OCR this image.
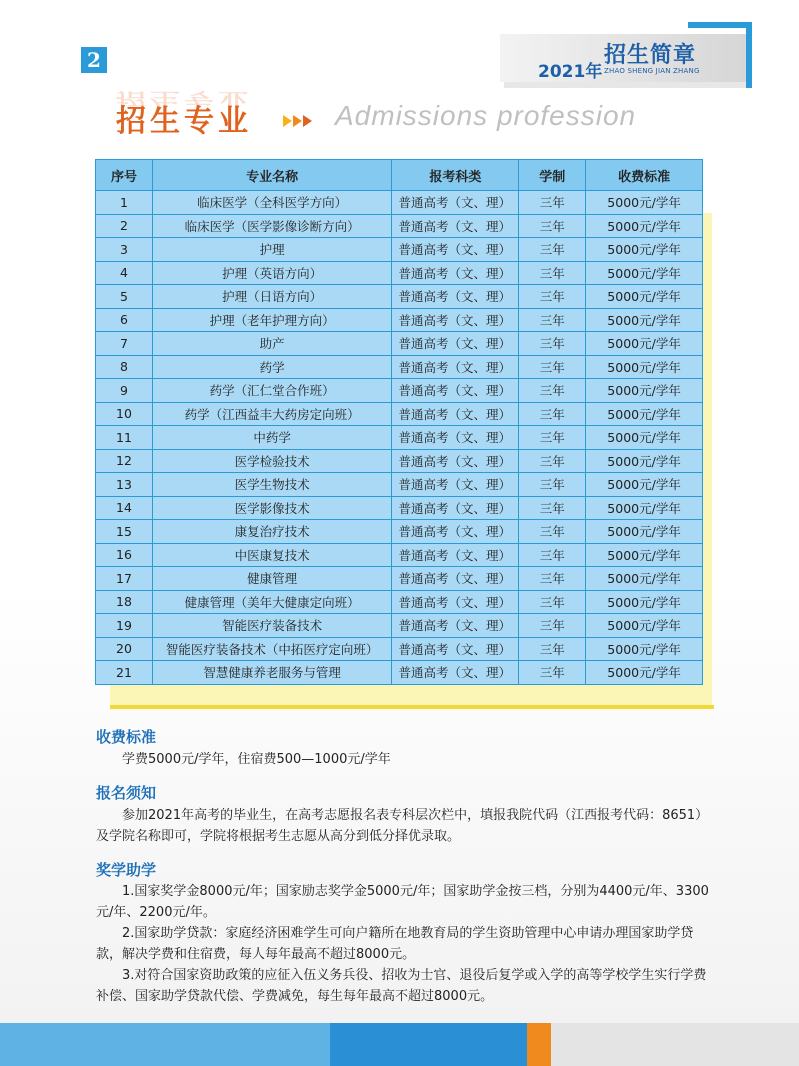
2	2021年
招生简章
ZHAO SHENG JIAN ZHANG
招生专业
招生专业	Admissions profession
序号	专业名称	报考科类	学制	收费标准
1	临床医学（全科医学方向）	普通高考（文、理）	三年	5000元/学年
2	临床医学（医学影像诊断方向）	普通高考（文、理）	三年	5000元/学年
3	护理	普通高考（文、理）	三年	5000元/学年
4	护理（英语方向）	普通高考（文、理）	三年	5000元/学年
5	护理（日语方向）	普通高考（文、理）	三年	5000元/学年
6	护理（老年护理方向）	普通高考（文、理）	三年	5000元/学年
7	助产	普通高考（文、理）	三年	5000元/学年
8	药学	普通高考（文、理）	三年	5000元/学年
9	药学（汇仁堂合作班）	普通高考（文、理）	三年	5000元/学年
10	药学（江西益丰大药房定向班）	普通高考（文、理）	三年	5000元/学年
11	中药学	普通高考（文、理）	三年	5000元/学年
12	医学检验技术	普通高考（文、理）	三年	5000元/学年
13	医学生物技术	普通高考（文、理）	三年	5000元/学年
14	医学影像技术	普通高考（文、理）	三年	5000元/学年
15	康复治疗技术	普通高考（文、理）	三年	5000元/学年
16	中医康复技术	普通高考（文、理）	三年	5000元/学年
17	健康管理	普通高考（文、理）	三年	5000元/学年
18	健康管理（美年大健康定向班）	普通高考（文、理）	三年	5000元/学年
19	智能医疗装备技术	普通高考（文、理）	三年	5000元/学年
20	智能医疗装备技术（中拓医疗定向班）	普通高考（文、理）	三年	5000元/学年
21	智慧健康养老服务与管理	普通高考（文、理）	三年	5000元/学年
收费标准

学费5000元/学年，住宿费500—1000元/学年

报名须知

参加2021年高考的毕业生，在高考志愿报名表专科层次栏中，填报我院代码（江西报考代码：8651）及学院名称即可，学院将根据考生志愿从高分到低分择优录取。

奖学助学

1.国家奖学金8000元/年；国家励志奖学金5000元/年；国家助学金按三档，分别为4400元/年、3300元/年、2200元/年。

2.国家助学贷款：家庭经济困难学生可向户籍所在地教育局的学生资助管理中心申请办理国家助学贷款，解决学费和住宿费，每人每年最高不超过8000元。

3.对符合国家资助政策的应征入伍义务兵役、招收为士官、退役后复学或入学的高等学校学生实行学费补偿、国家助学贷款代偿、学费减免，每生每年最高不超过8000元。
